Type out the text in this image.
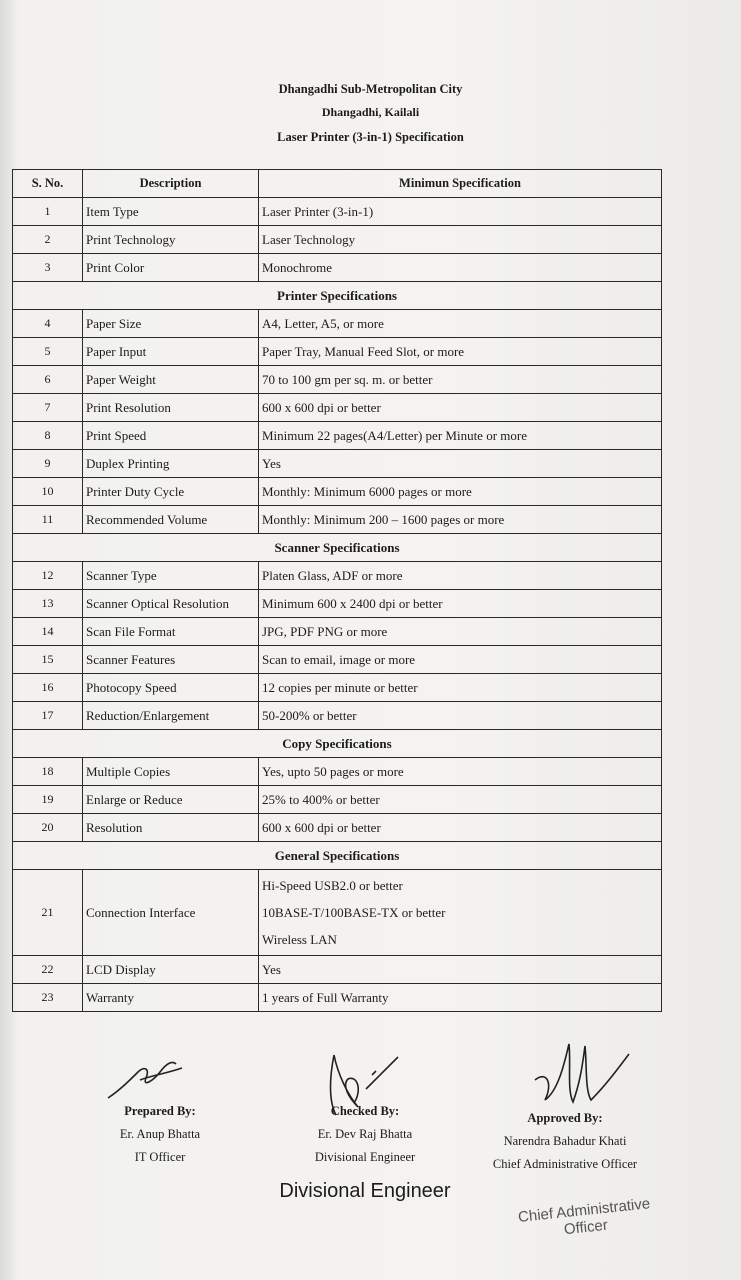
Dhangadhi Sub-Metropolitan City
Dhangadhi, Kailali
Laser Printer (3-in-1) Specification
S. No.	Description	Minimun Specification
1	Item Type	Laser Printer (3-in-1)
2	Print Technology	Laser Technology
3	Print Color	Monochrome
Printer Specifications		
4	Paper Size	A4, Letter, A5, or more
5	Paper Input	Paper Tray, Manual Feed Slot, or more
6	Paper Weight	70 to 100 gm per sq. m. or better
7	Print Resolution	600 x 600 dpi or better
8	Print Speed	Minimum 22 pages(A4/Letter) per Minute or more
9	Duplex Printing	Yes
10	Printer Duty Cycle	Monthly: Minimum 6000 pages or more
11	Recommended Volume	Monthly: Minimum 200 – 1600 pages or more
Scanner Specifications		
12	Scanner Type	Platen Glass, ADF or more
13	Scanner Optical Resolution	Minimum 600 x 2400 dpi or better
14	Scan File Format	JPG, PDF PNG or more
15	Scanner Features	Scan to email, image or more
16	Photocopy Speed	12 copies per minute or better
17	Reduction/Enlargement	50-200% or better
Copy Specifications		
18	Multiple Copies	Yes, upto 50 pages or more
19	Enlarge or Reduce	25% to 400% or better
20	Resolution	600 x 600 dpi or better
General Specifications		
21	Connection Interface	Hi-Speed USB2.0 or better
10BASE-T/100BASE-TX or better
Wireless LAN

22	LCD Display	Yes
23	Warranty	1 years of Full Warranty
Prepared By:
Er. Anup Bhatta
IT Officer
Checked By:
Er. Dev Raj Bhatta
Divisional Engineer
Approved By:
Narendra Bahadur Khati
Chief Administrative Officer
Divisional Engineer
Chief Administrative Officer
